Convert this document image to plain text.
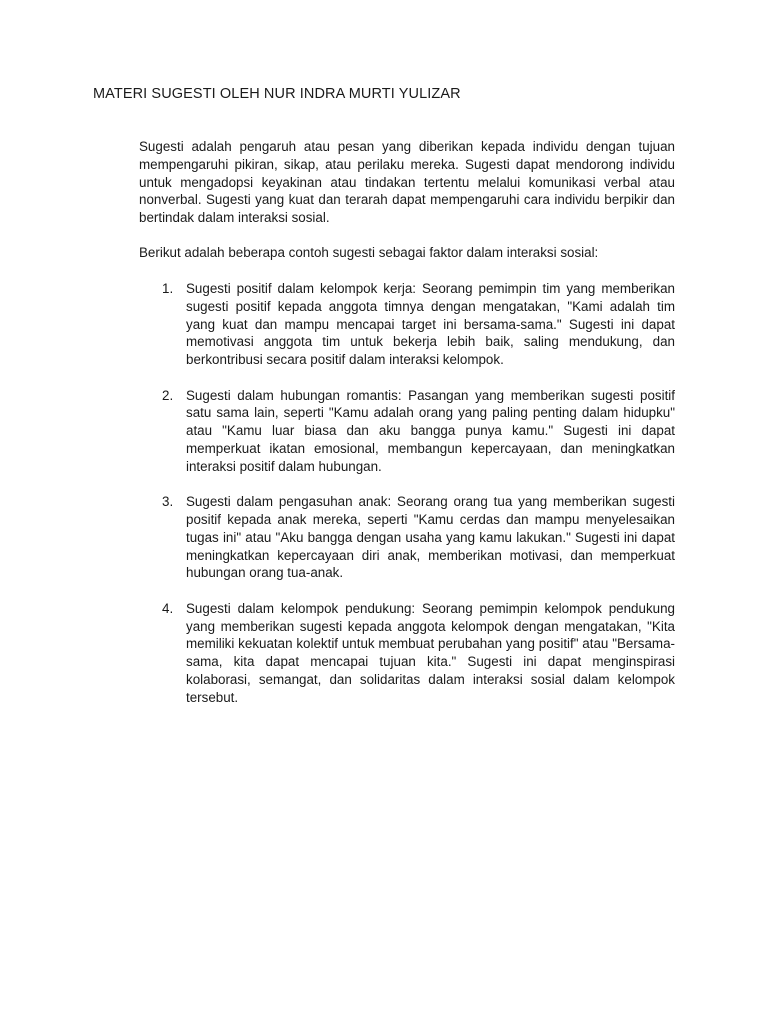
MATERI SUGESTI OLEH NUR INDRA MURTI YULIZAR

Sugesti adalah pengaruh atau pesan yang diberikan kepada individu dengan tujuan mempengaruhi pikiran, sikap, atau perilaku mereka. Sugesti dapat mendorong individu untuk mengadopsi keyakinan atau tindakan tertentu melalui komunikasi verbal atau nonverbal. Sugesti yang kuat dan terarah dapat mempengaruhi cara individu berpikir dan bertindak dalam interaksi sosial.

Berikut adalah beberapa contoh sugesti sebagai faktor dalam interaksi sosial:

1. Sugesti positif dalam kelompok kerja: Seorang pemimpin tim yang memberikan sugesti positif kepada anggota timnya dengan mengatakan, "Kami adalah tim yang kuat dan mampu mencapai target ini bersama-sama." Sugesti ini dapat memotivasi anggota tim untuk bekerja lebih baik, saling mendukung, dan berkontribusi secara positif dalam interaksi kelompok.
2. Sugesti dalam hubungan romantis: Pasangan yang memberikan sugesti positif satu sama lain, seperti "Kamu adalah orang yang paling penting dalam hidupku" atau "Kamu luar biasa dan aku bangga punya kamu." Sugesti ini dapat memperkuat ikatan emosional, membangun kepercayaan, dan meningkatkan interaksi positif dalam hubungan.
3. Sugesti dalam pengasuhan anak: Seorang orang tua yang memberikan sugesti positif kepada anak mereka, seperti "Kamu cerdas dan mampu menyelesaikan tugas ini" atau "Aku bangga dengan usaha yang kamu lakukan." Sugesti ini dapat meningkatkan kepercayaan diri anak, memberikan motivasi, dan memperkuat hubungan orang tua-anak.
4. Sugesti dalam kelompok pendukung: Seorang pemimpin kelompok pendukung yang memberikan sugesti kepada anggota kelompok dengan mengatakan, "Kita memiliki kekuatan kolektif untuk membuat perubahan yang positif" atau "Bersama-sama, kita dapat mencapai tujuan kita." Sugesti ini dapat menginspirasi kolaborasi, semangat, dan solidaritas dalam interaksi sosial dalam kelompok tersebut.
